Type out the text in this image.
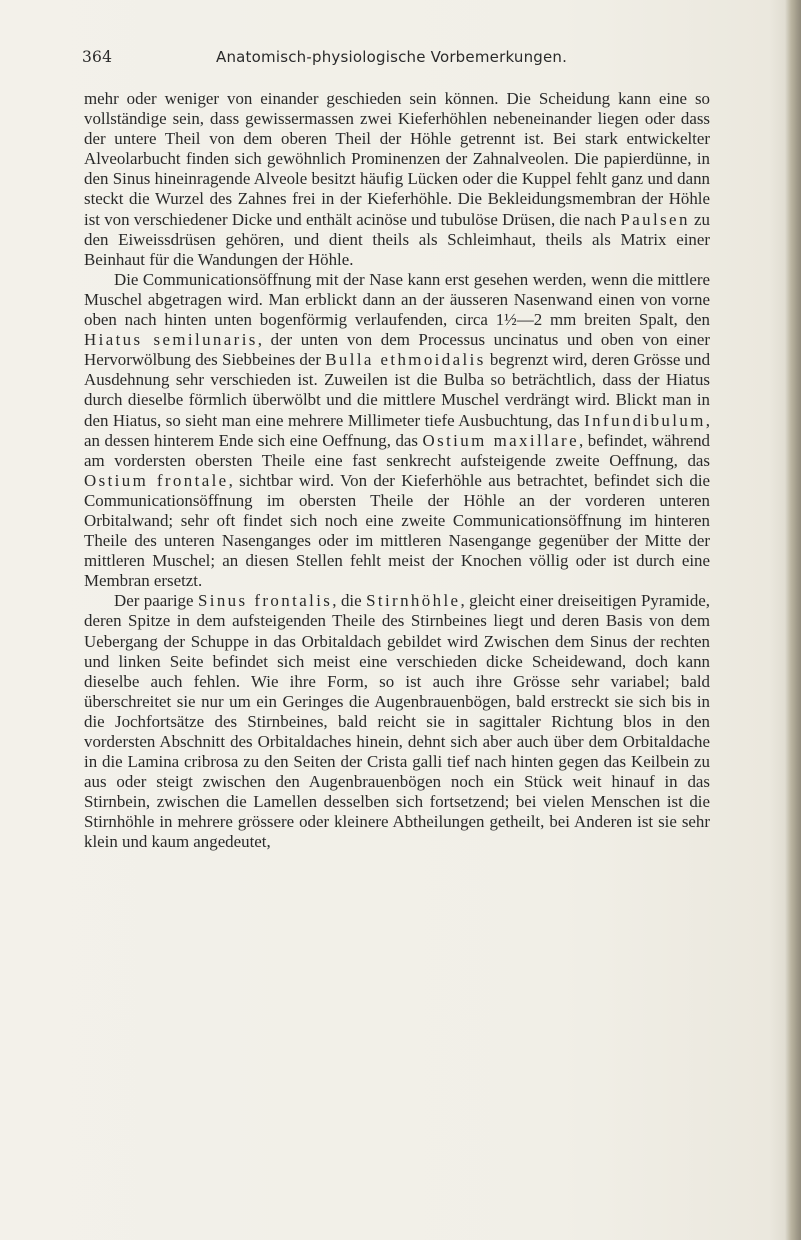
364	Anatomisch-physiologische Vorbemerkungen.

mehr oder weniger von einander geschieden sein können. Die Scheidung kann eine so vollständige sein, dass gewissermassen zwei Kieferhöhlen nebeneinander liegen oder dass der untere Theil von dem oberen Theil der Höhle getrennt ist. Bei stark entwickelter Alveolarbucht finden sich gewöhnlich Prominenzen der Zahnalveolen. Die papierdünne, in den Sinus hineinragende Alveole besitzt häufig Lücken oder die Kuppel fehlt ganz und dann steckt die Wurzel des Zahnes frei in der Kieferhöhle. Die Bekleidungsmembran der Höhle ist von verschiedener Dicke und enthält acinöse und tubulöse Drüsen, die nach Paulsen zu den Eiweissdrüsen gehören, und dient theils als Schleimhaut, theils als Matrix einer Beinhaut für die Wandungen der Höhle.

Die Communicationsöffnung mit der Nase kann erst gesehen werden, wenn die mittlere Muschel abgetragen wird. Man erblickt dann an der äusseren Nasenwand einen von vorne oben nach hinten unten bogenförmig verlaufenden, circa 1½—2 mm breiten Spalt, den Hiatus semilunaris, der unten von dem Processus uncinatus und oben von einer Hervorwölbung des Siebbeines der Bulla ethmoidalis begrenzt wird, deren Grösse und Ausdehnung sehr verschieden ist. Zuweilen ist die Bulba so beträchtlich, dass der Hiatus durch dieselbe förmlich überwölbt und die mittlere Muschel verdrängt wird. Blickt man in den Hiatus, so sieht man eine mehrere Millimeter tiefe Ausbuchtung, das Infundibulum, an dessen hinterem Ende sich eine Oeffnung, das Ostium maxillare, befindet, während am vordersten obersten Theile eine fast senkrecht aufsteigende zweite Oeffnung, das Ostium frontale, sichtbar wird. Von der Kieferhöhle aus betrachtet, befindet sich die Communicationsöffnung im obersten Theile der Höhle an der vorderen unteren Orbitalwand; sehr oft findet sich noch eine zweite Communicationsöffnung im hinteren Theile des unteren Nasenganges oder im mittleren Nasengange gegenüber der Mitte der mittleren Muschel; an diesen Stellen fehlt meist der Knochen völlig oder ist durch eine Membran ersetzt.

Der paarige Sinus frontalis, die Stirnhöhle, gleicht einer dreiseitigen Pyramide, deren Spitze in dem aufsteigenden Theile des Stirnbeines liegt und deren Basis von dem Uebergang der Schuppe in das Orbitaldach gebildet wird Zwischen dem Sinus der rechten und linken Seite befindet sich meist eine verschieden dicke Scheidewand, doch kann dieselbe auch fehlen. Wie ihre Form, so ist auch ihre Grösse sehr variabel; bald überschreitet sie nur um ein Geringes die Augenbrauenbögen, bald erstreckt sie sich bis in die Jochfortsätze des Stirnbeines, bald reicht sie in sagittaler Richtung blos in den vordersten Abschnitt des Orbitaldaches hinein, dehnt sich aber auch über dem Orbitaldache in die Lamina cribrosa zu den Seiten der Crista galli tief nach hinten gegen das Keilbein zu aus oder steigt zwischen den Augenbrauenbögen noch ein Stück weit hinauf in das Stirnbein, zwischen die Lamellen desselben sich fortsetzend; bei vielen Menschen ist die Stirnhöhle in mehrere grössere oder kleinere Abtheilungen getheilt, bei Anderen ist sie sehr klein und kaum angedeutet,
